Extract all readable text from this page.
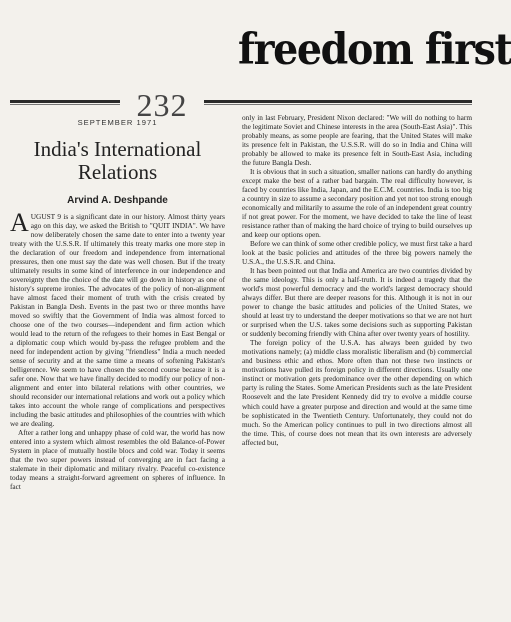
freedom first
232
SEPTEMBER 1971
India's International Relations
Arvind A. Deshpande

AUGUST 9 is a significant date in our history. Almost thirty years ago on this day, we asked the British to "QUIT INDIA". We have now deliberately chosen the same date to enter into a twenty year treaty with the U.S.S.R. If ultimately this treaty marks one more step in the declaration of our freedom and independence from international pressures, then one must say the date was well chosen. But if the treaty ultimately results in some kind of interference in our independence and sovereignty then the choice of the date will go down in history as one of history's supreme ironies. The advocates of the policy of non-alignment have almost faced their moment of truth with the crisis created by Pakistan in Bangla Desh. Events in the past two or three months have moved so swiftly that the Government of India was almost forced to choose one of the two courses—independent and firm action which would lead to the return of the refugees to their homes in East Bengal or a diplomatic coup which would by-pass the refugee problem and the need for independent action by giving "friendless" India a much needed sense of security and at the same time a means of softening Pakistan's belligerence. We seem to have chosen the second course because it is a safer one. Now that we have finally decided to modify our policy of non-alignment and enter into bilateral relations with other countries, we should reconsider our international relations and work out a policy which takes into account the whole range of complications and perspectives including the basic attitudes and philosophies of the countries with which we are dealing.

After a rather long and unhappy phase of cold war, the world has now entered into a system which almost resembles the old Balance-of-Power System in place of mutually hostile blocs and cold war. Today it seems that the two super powers instead of converging are in fact facing a stalemate in their diplomatic and military rivalry. Peaceful co-existence today means a straight-forward agreement on spheres of influence. In fact

only in last February, President Nixon declared: "We will do nothing to harm the legitimate Soviet and Chinese interests in the area (South-East Asia)". This probably means, as some people are fearing, that the United States will make its presence felt in Pakistan, the U.S.S.R. will do so in India and China will probably be allowed to make its presence felt in South-East Asia, including the future Bangla Desh.

It is obvious that in such a situation, smaller nations can hardly do anything except make the best of a rather bad bargain. The real difficulty however, is faced by countries like India, Japan, and the E.C.M. countries. India is too big a country in size to assume a secondary position and yet not too strong enough economically and militarily to assume the role of an independent great country if not great power. For the moment, we have decided to take the line of least resistance rather than of making the hard choice of trying to build ourselves up and keep our options open.

Before we can think of some other credible policy, we must first take a hard look at the basic policies and attitudes of the three big powers namely the U.S.A., the U.S.S.R. and China.

It has been pointed out that India and America are two countries divided by the same ideology. This is only a half-truth. It is indeed a tragedy that the world's most powerful democracy and the world's largest democracy should always differ. But there are deeper reasons for this. Although it is not in our power to change the basic attitudes and policies of the United States, we should at least try to understand the deeper motivations so that we are not hurt or surprised when the U.S. takes some decisions such as supporting Pakistan or suddenly becoming friendly with China after over twenty years of hostility.

The foreign policy of the U.S.A. has always been guided by two motivations namely; (a) middle class moralistic liberalism and (b) commercial and business ethic and ethos. More often than not these two instincts or motivations have pulled its foreign policy in different directions. Usually one instinct or motivation gets predominance over the other depending on which party is ruling the States. Some American Presidents such as the late President Roosevelt and the late President Kennedy did try to evolve a middle course which could have a greater purpose and direction and would at the same time be sophisticated in the Twentieth Century. Unfortunately, they could not do much. So the American policy continues to pull in two directions almost all the time. This, of course does not mean that its own interests are adversely affected but,
